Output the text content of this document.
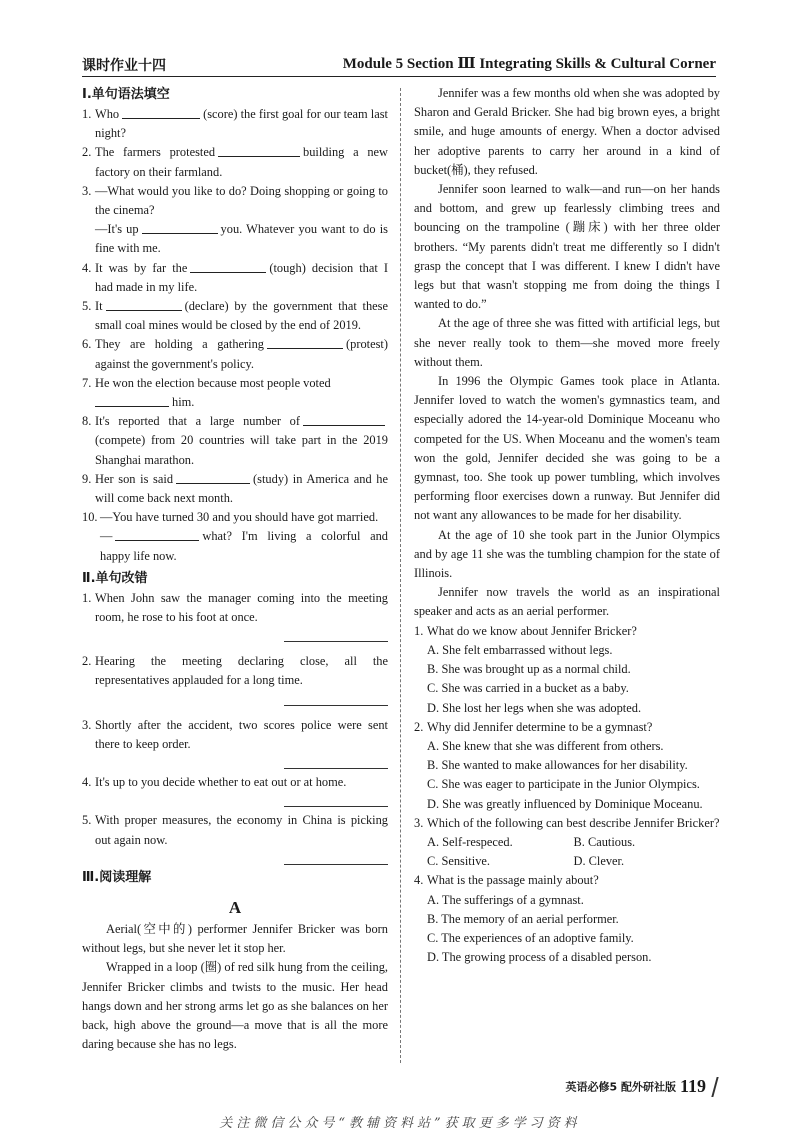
课时作业十四	Module 5 Section Ⅲ Integrating Skills & Cultural Corner

Ⅰ.单句语法填空

1. Who	(score) the first goal for our team last night?
2. The farmers protested	building a new factory on their farmland.
3. —What would you like to do? Doing shopping or going to the cinema?
—It's up	you. Whatever you want to do is fine with me.
4. It was by far the	(tough) decision that I had made in my life.
5. It	(declare) by the government that these small coal mines would be closed by the end of 2019.
6. They are holding a gathering	(protest) against the government's policy.
7. He won the election because most people voted
him.
8. It's reported that a large number of(compete) from 20 countries will take part in the 2019 Shanghai marathon.
9. Her son is said	(study) in America and he will come back next month.
10. —You have turned 30 and you should have got married.
—	what? I'm living a colorful and happy life now.

Ⅱ.单句改错

1. When John saw the manager coming into the meeting room, he rose to his foot at once.
2. Hearing the meeting declaring close, all the representatives applauded for a long time.
3. Shortly after the accident, two scores police were sent there to keep order.
4. It's up to you decide whether to eat out or at home.
5. With proper measures, the economy in China is picking out again now.

Ⅲ.阅读理解

A

Aerial(空中的) performer Jennifer Bricker was born without legs, but she never let it stop her.

Wrapped in a loop (圈) of red silk hung from the ceiling, Jennifer Bricker climbs and twists to the music. Her head hangs down and her strong arms let go as she balances on her back, high above the ground—a move that is all the more daring because she has no legs.

Jennifer was a few months old when she was adopted by Sharon and Gerald Bricker. She had big brown eyes, a bright smile, and huge amounts of energy. When a doctor advised her adoptive parents to carry her around in a kind of bucket(桶), they refused.

Jennifer soon learned to walk—and run—on her hands and bottom, and grew up fearlessly climbing trees and bouncing on the trampoline (蹦床) with her three older brothers. “My parents didn't treat me differently so I didn't grasp the concept that I was different. I knew I didn't have legs but that wasn't stopping me from doing the things I wanted to do.”

At the age of three she was fitted with artificial legs, but she never really took to them—she moved more freely without them.

In 1996 the Olympic Games took place in Atlanta. Jennifer loved to watch the women's gymnastics team, and especially adored the 14-year-old Dominique Moceanu who competed for the US. When Moceanu and the women's team won the gold, Jennifer decided she was going to be a gymnast, too. She took up power tumbling, which involves performing floor exercises down a runway. But Jennifer did not want any allowances to be made for her disability.

At the age of 10 she took part in the Junior Olympics and by age 11 she was the tumbling champion for the state of Illinois.

Jennifer now travels the world as an inspirational speaker and acts as an aerial performer.

1. What do we know about Jennifer Bricker?
A. She felt embarrassed without legs.
B. She was brought up as a normal child.
C. She was carried in a bucket as a baby.
D. She lost her legs when she was adopted.
2. Why did Jennifer determine to be a gymnast?
A. She knew that she was different from others.
B. She wanted to make allowances for her disability.
C. She was eager to participate in the Junior Olympics.
D. She was greatly influenced by Dominique Moceanu.
3. Which of the following can best describe Jennifer Bricker?
A. Self-respeced.	B. Cautious.
C. Sensitive.	D. Clever.
4. What is the passage mainly about?
A. The sufferings of a gymnast.
B. The memory of an aerial performer.
C. The experiences of an adoptive family.
D. The growing process of a disabled person.
英语必修5 配外研社版 119
关注微信公众号“教辅资料站”获取更多学习资料
